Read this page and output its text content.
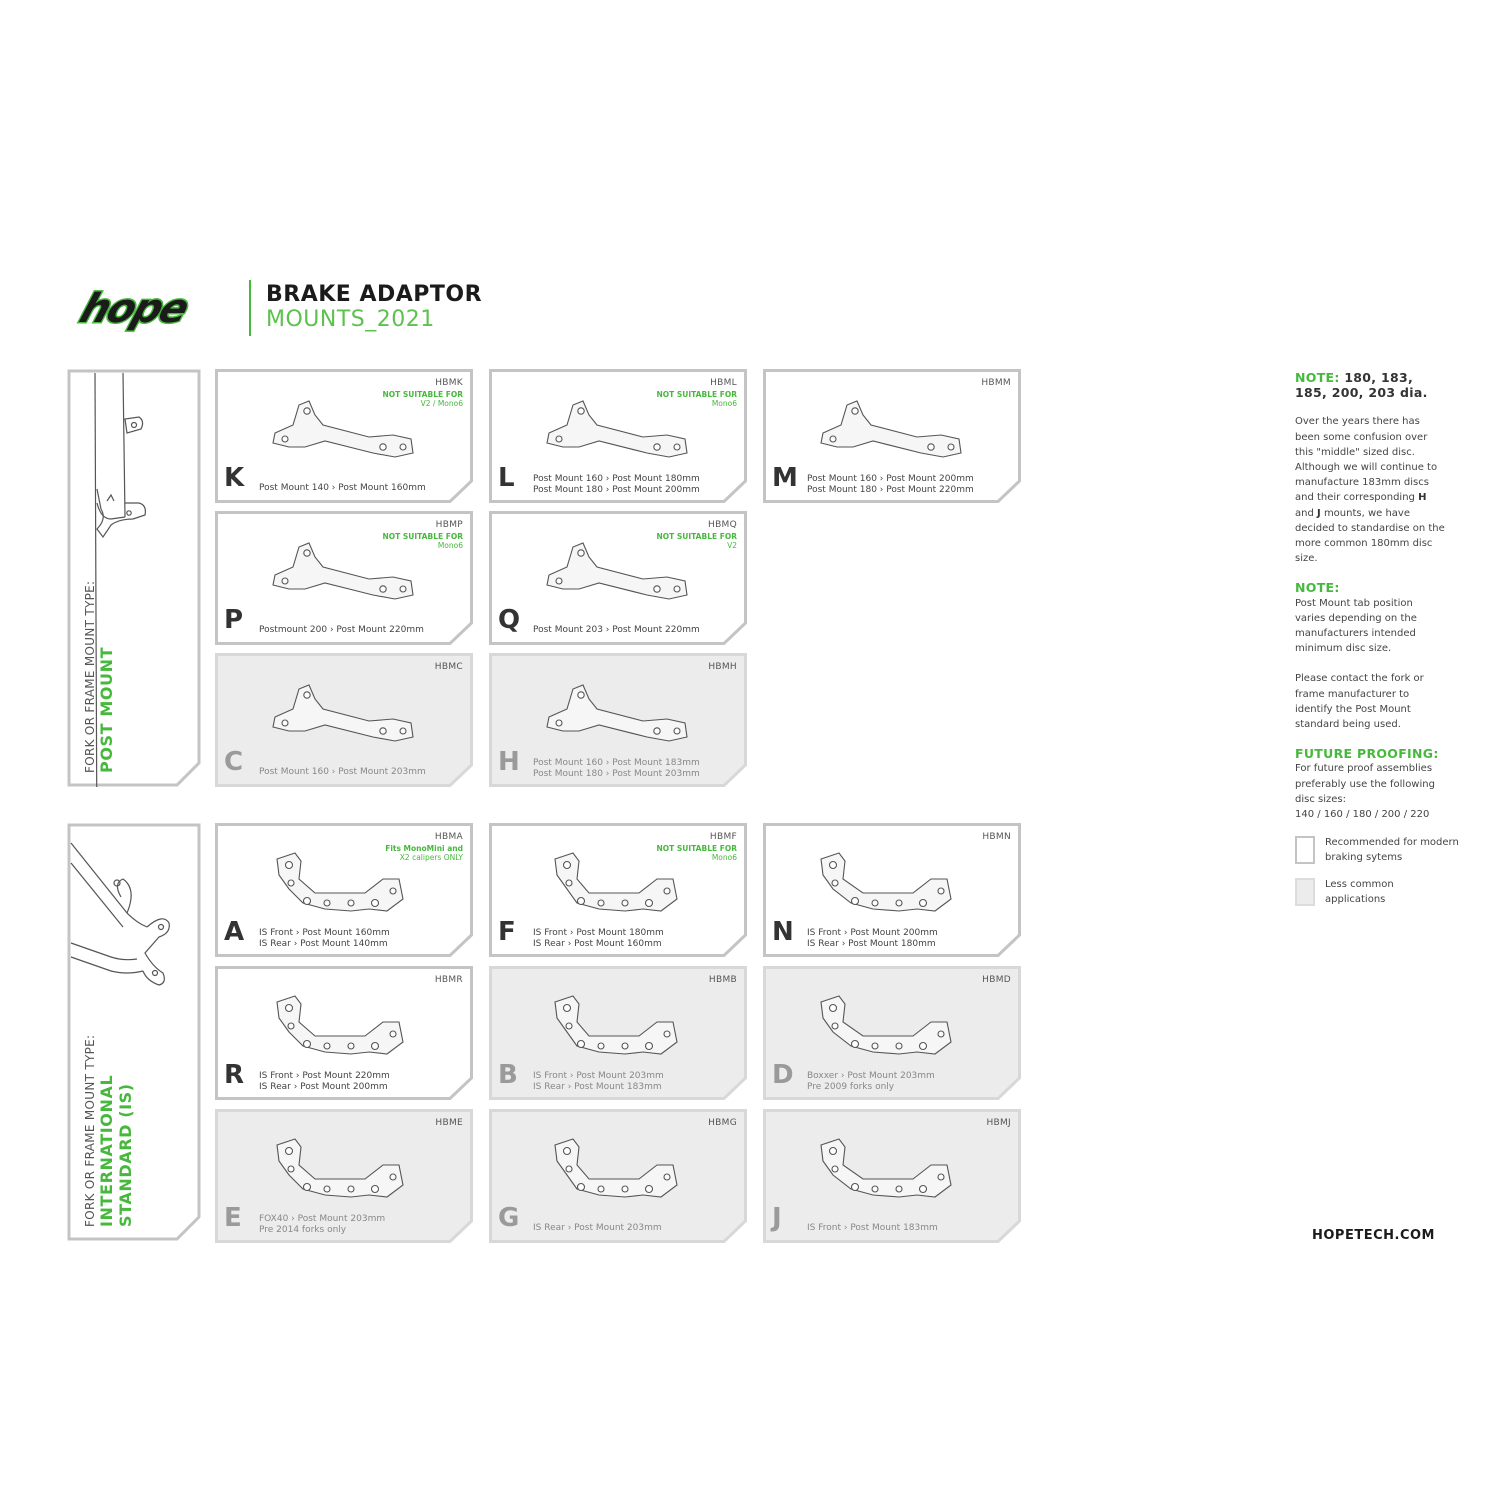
hope	BRAKE ADAPTOR
MOUNTS_2021
FORK OR FRAME MOUNT TYPE: POST MOUNT
FORK OR FRAME MOUNT TYPE: INTERNATIONAL STANDARD (IS)
HBMK
NOT SUITABLE FOR
V2 / Mono6
K Post Mount 140 › Post Mount 160mm
HBML
NOT SUITABLE FOR
Mono6
L Post Mount 160 › Post Mount 180mm
Post Mount 180 › Post Mount 200mm
HBMM
M Post Mount 160 › Post Mount 200mm
Post Mount 180 › Post Mount 220mm
HBMP
NOT SUITABLE FOR
Mono6
P Postmount 200 › Post Mount 220mm
HBMQ
NOT SUITABLE FOR
V2
Q Post Mount 203 › Post Mount 220mm
HBMC
C Post Mount 160 › Post Mount 203mm
HBMH
H Post Mount 160 › Post Mount 183mm
Post Mount 180 › Post Mount 203mm
HBMA
Fits MonoMini and
X2 calipers ONLY
A IS Front › Post Mount 160mm
IS Rear › Post Mount 140mm
HBMF
NOT SUITABLE FOR
Mono6
F IS Front › Post Mount 180mm
IS Rear › Post Mount 160mm
HBMN
N IS Front › Post Mount 200mm
IS Rear › Post Mount 180mm
HBMR
R IS Front › Post Mount 220mm
IS Rear › Post Mount 200mm
HBMB
B IS Front › Post Mount 203mm
IS Rear › Post Mount 183mm
HBMD
D Boxxer › Post Mount 203mm
Pre 2009 forks only
HBME
E FOX40 › Post Mount 203mm
Pre 2014 forks only
HBMG
G IS Rear › Post Mount 203mm
HBMJ
J	IS Front › Post Mount 183mm
NOTE: 180, 183,
185, 200, 203 dia.

Over the years there has been some confusion over this "middle" sized disc. Although we will continue to manufacture 183mm discs and their corresponding H and J mounts, we have decided to standardise on the more common 180mm disc size.

NOTE:

Post Mount tab position varies depending on the manufacturers intended minimum disc size.

Please contact the fork or frame manufacturer to identify the Post Mount standard being used.

FUTURE PROOFING:

For future proof assemblies preferably use the following disc sizes:

140 / 160 / 180 / 200 / 220

Recommended for modern braking sytems
Less common applications
HOPETECH.COM
